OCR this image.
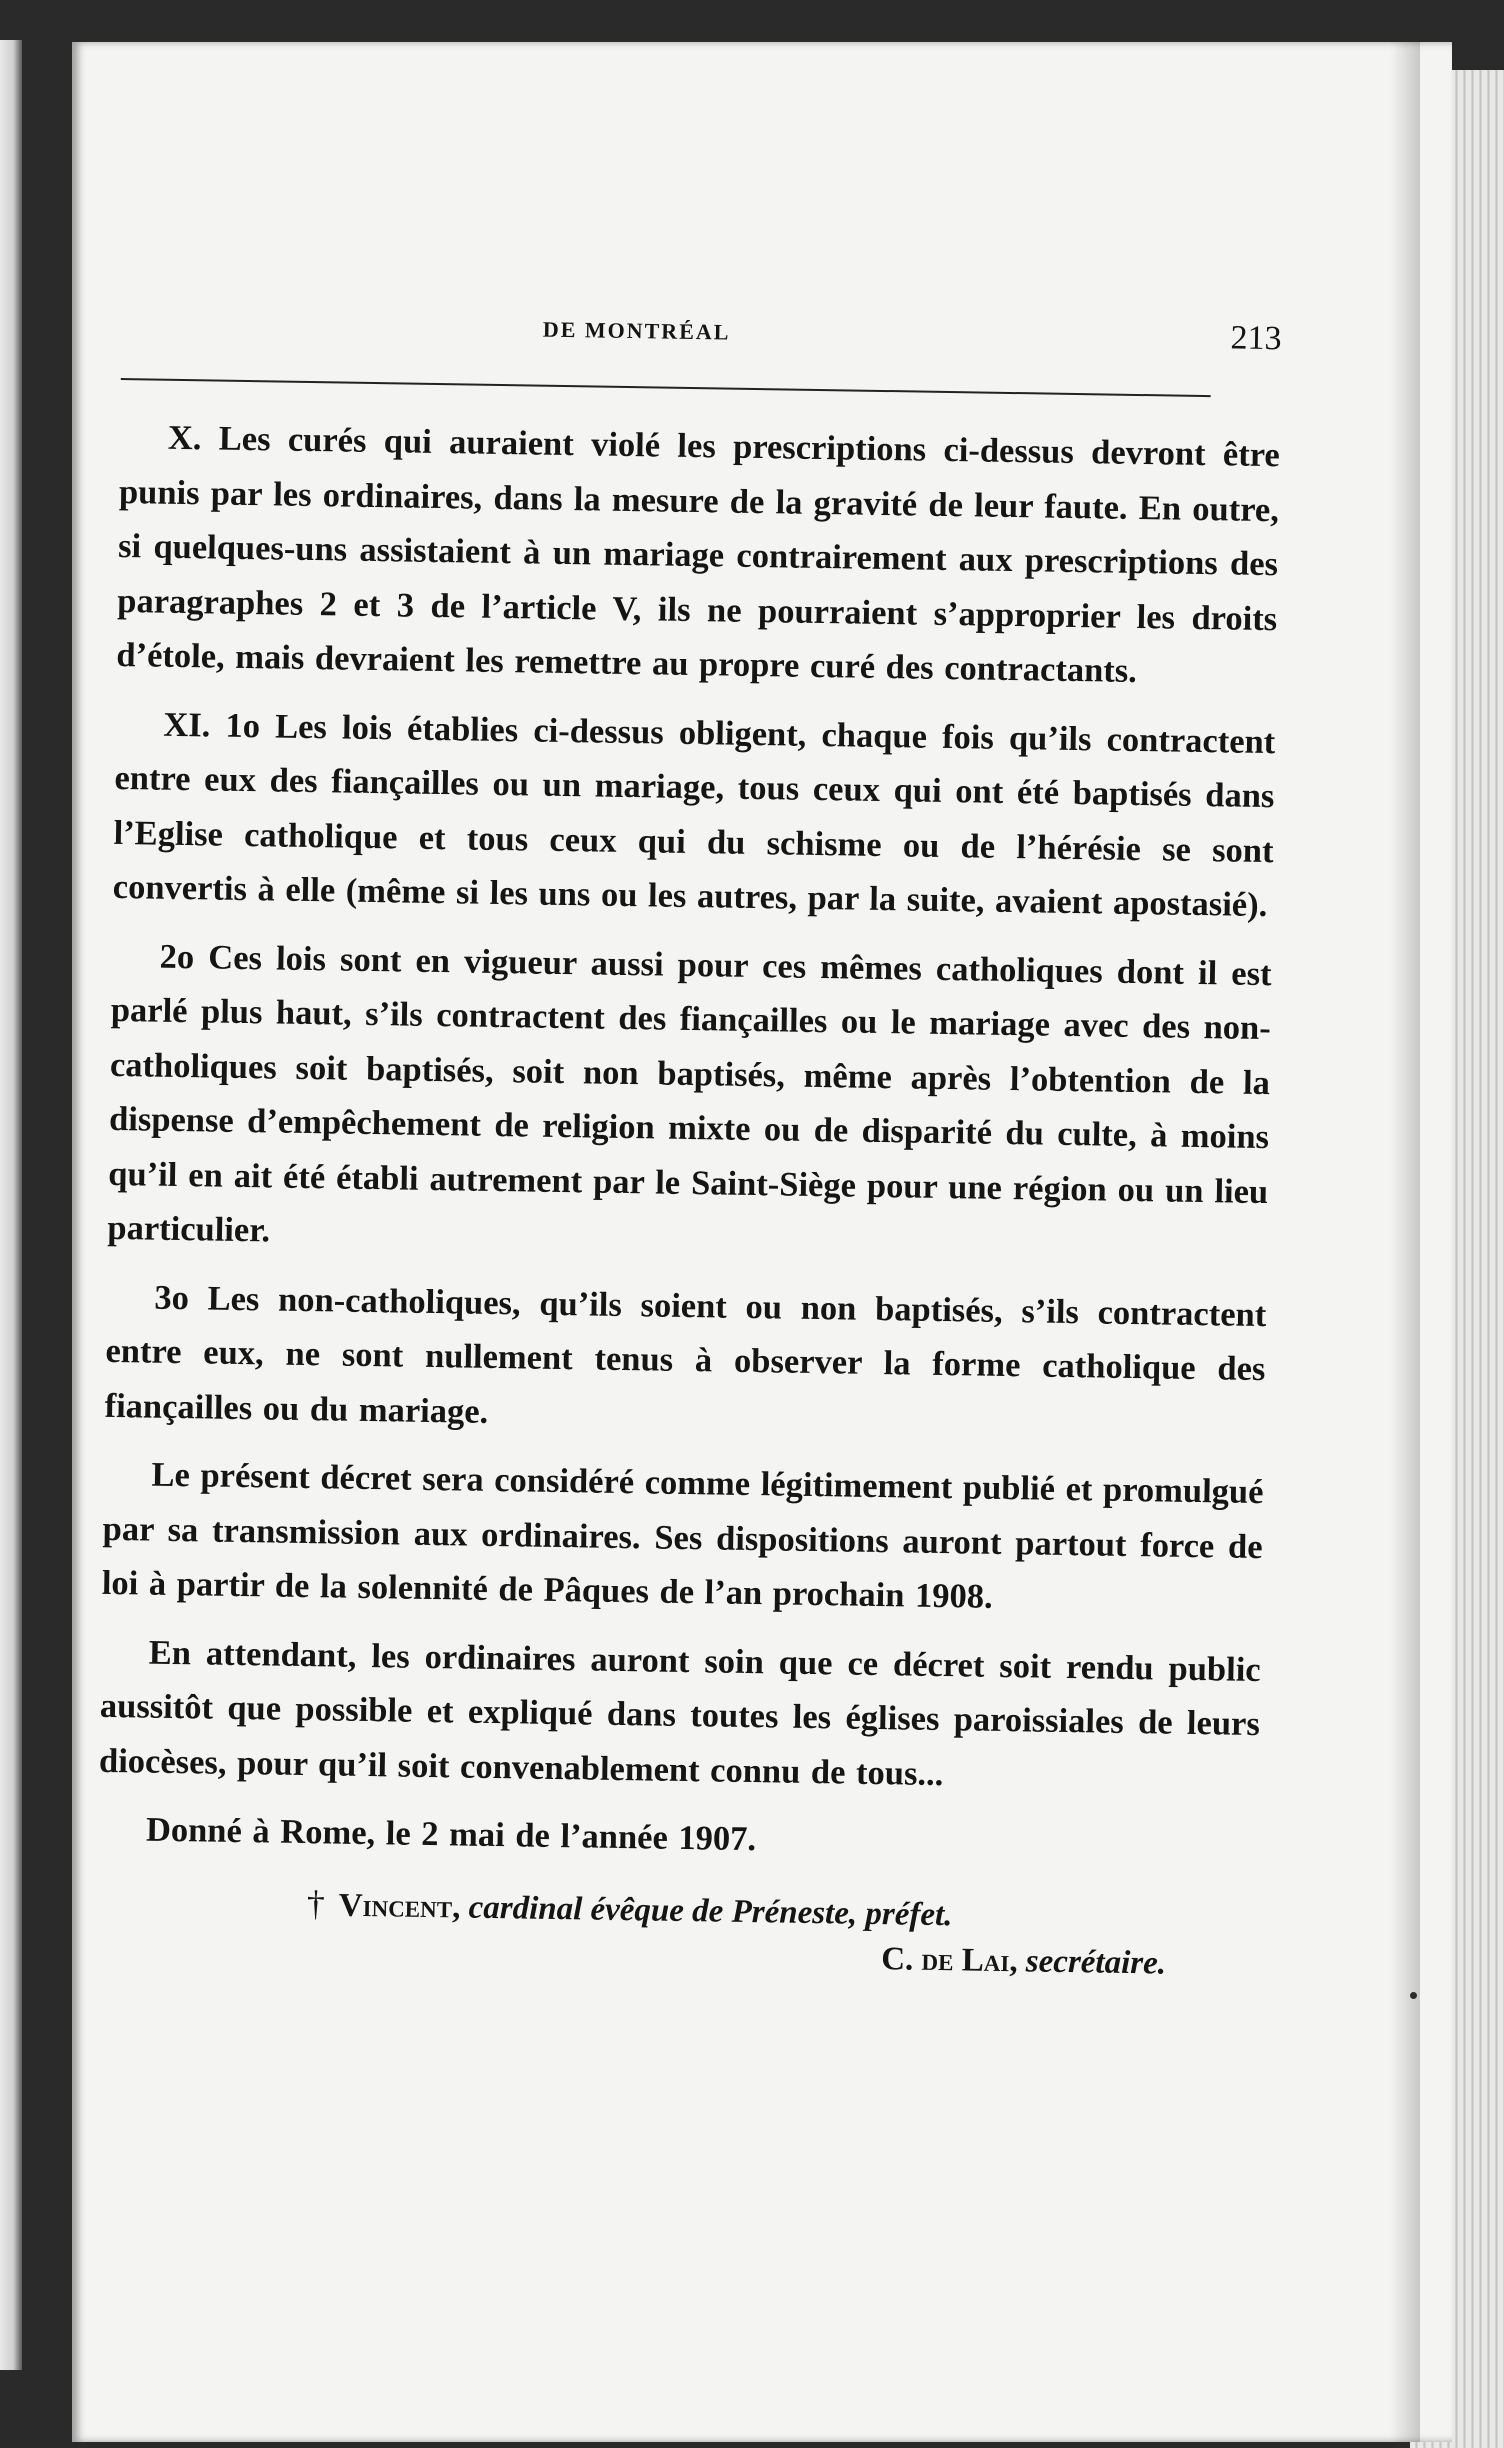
DE MONTRÉAL	213

X. Les curés qui auraient violé les prescriptions ci-dessus devront être punis par les ordinaires, dans la mesure de la gravité de leur faute. En outre, si quelques-uns assistaient à un mariage contrairement aux prescriptions des paragraphes 2 et 3 de l’article V, ils ne pourraient s’approprier les droits d’étole, mais devraient les remettre au propre curé des contractants.

XI. 1o Les lois établies ci-dessus obligent, chaque fois qu’ils contractent entre eux des fiançailles ou un mariage, tous ceux qui ont été baptisés dans l’Eglise catholique et tous ceux qui du schisme ou de l’hérésie se sont convertis à elle (même si les uns ou les autres, par la suite, avaient apostasié).

2o Ces lois sont en vigueur aussi pour ces mêmes catholiques dont il est parlé plus haut, s’ils contractent des fiançailles ou le mariage avec des non-catholiques soit baptisés, soit non baptisés, même après l’obtention de la dispense d’empêchement de religion mixte ou de disparité du culte, à moins qu’il en ait été établi autrement par le Saint-Siège pour une région ou un lieu particulier.

3o Les non-catholiques, qu’ils soient ou non baptisés, s’ils contractent entre eux, ne sont nullement tenus à observer la forme catholique des fiançailles ou du mariage.

Le présent décret sera considéré comme légitimement publié et promulgué par sa transmission aux ordinaires. Ses dispositions auront partout force de loi à partir de la solennité de Pâques de l’an prochain 1908.

En attendant, les ordinaires auront soin que ce décret soit rendu public aussitôt que possible et expliqué dans toutes les églises paroissiales de leurs diocèses, pour qu’il soit convenablement connu de tous...

Donné à Rome, le 2 mai de l’année 1907.

† Vincent, cardinal évêque de Préneste, préfet.
C. de Lai, secrétaire.
